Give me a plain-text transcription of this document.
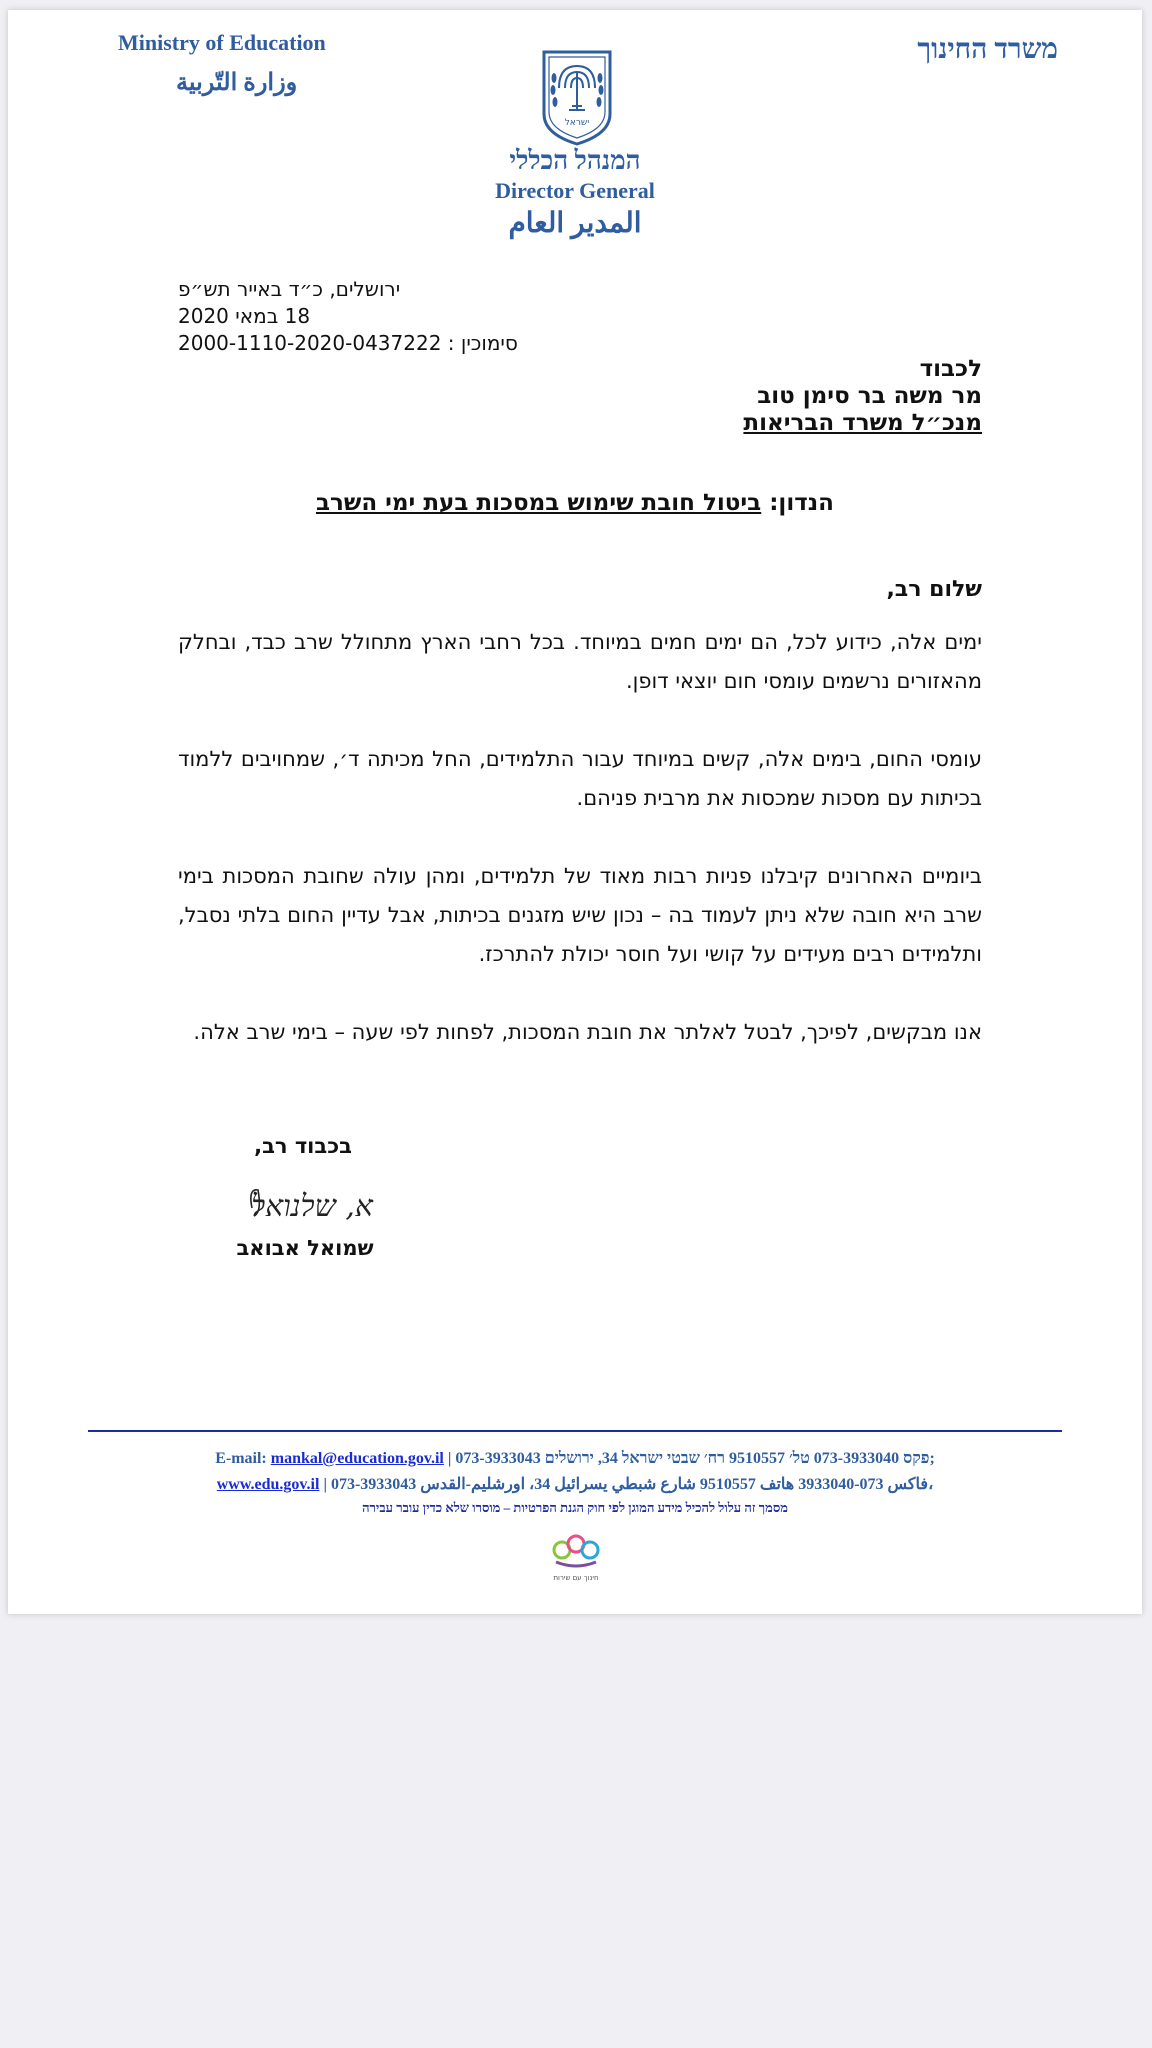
Ministry of Education
وزارة التّربية
משרד החינוך
ישראל
המנהל הכללי
Director General
المدير العام
ירושלים, כ״ד באייר תש״פ
18 במאי 2020
סימוכין : 2000-1110-2020-0437222
לכבוד
מר משה בר סימן טוב
מנכ״ל משרד הבריאות
הנדון: ביטול חובת שימוש במסכות בעת ימי השרב
שלום רב,

ימים אלה, כידוע לכל, הם ימים חמים במיוחד. בכל רחבי הארץ מתחולל שרב כבד, ובחלק מהאזורים נרשמים עומסי חום יוצאי דופן.

עומסי החום, בימים אלה, קשים במיוחד עבור התלמידים, החל מכיתה ד׳, שמחויבים ללמוד בכיתות עם מסכות שמכסות את מרבית פניהם.

ביומיים האחרונים קיבלנו פניות רבות מאוד של תלמידים, ומהן עולה שחובת המסכות בימי שרב היא חובה שלא ניתן לעמוד בה – נכון שיש מזגנים בכיתות, אבל עדיין החום בלתי נסבל, ותלמידים רבים מעידים על קושי ועל חוסר יכולת להתרכז.

אנו מבקשים, לפיכך, לבטל לאלתר את חובת המסכות, לפחות לפי שעה – בימי שרב אלה.

בכבוד רב,
א, שלנואל
שמואל אבואב
E-mail: mankal@education.gov.il | 073-3933043 פקס 073-3933040 טל׳ 9510557 רח׳ שבטי ישראל 34, ירושלים;
www.edu.gov.il | 073-3933043 فاكس 073-3933040 هاتف 9510557 شارع شبطي يسرائيل 34، اورشليم-القدس،
מסמך זה עלול להכיל מידע המוגן לפי חוק הגנת הפרטיות – מוסרו שלא כדין עובר עבירה
חינוך עם שירות
